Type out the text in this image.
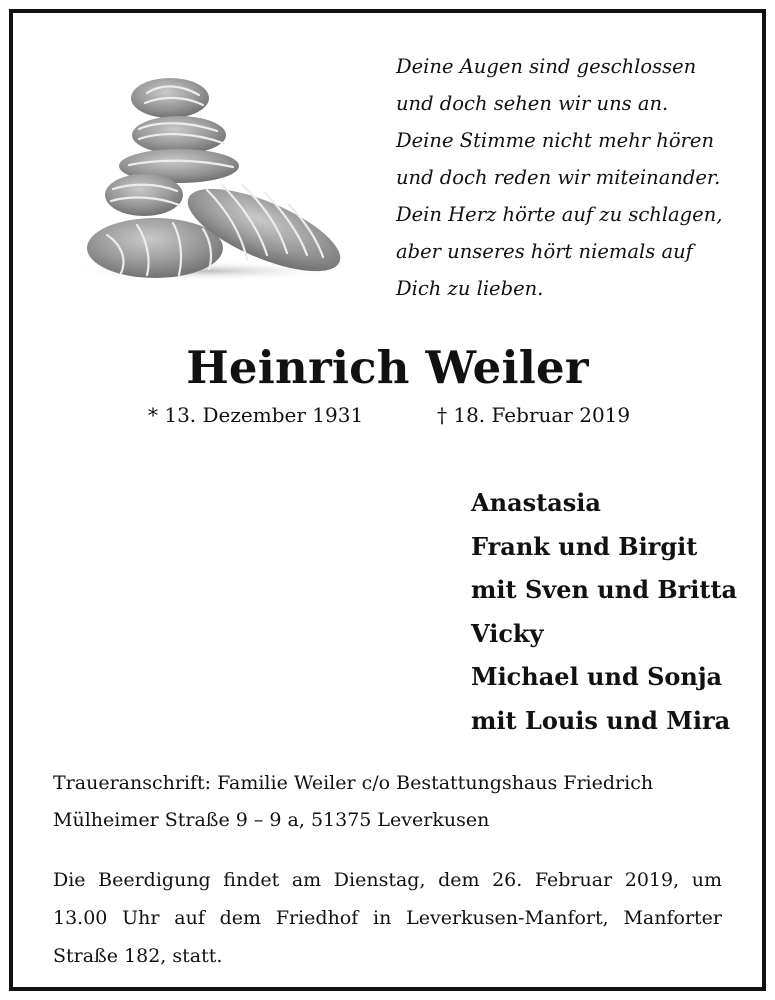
Deine Augen sind geschlossen
und doch sehen wir uns an.
Deine Stimme nicht mehr hören
und doch reden wir miteinander.
Dein Herz hörte auf zu schlagen,
aber unseres hört niemals auf
Dich zu lieben.
Heinrich Weiler
* 13. Dezember 1931	† 18. Februar 2019
Anastasia
Frank und Birgit
mit Sven und Britta
Vicky
Michael und Sonja
mit Louis und Mira
Traueranschrift: Familie Weiler c/o Bestattungshaus Friedrich
Mülheimer Straße 9 – 9 a, 51375 Leverkusen
Die Beerdigung findet am Dienstag, dem 26. Februar 2019, um
13.00 Uhr auf dem Friedhof in Leverkusen-Manfort, Manforter
Straße 182, statt.
